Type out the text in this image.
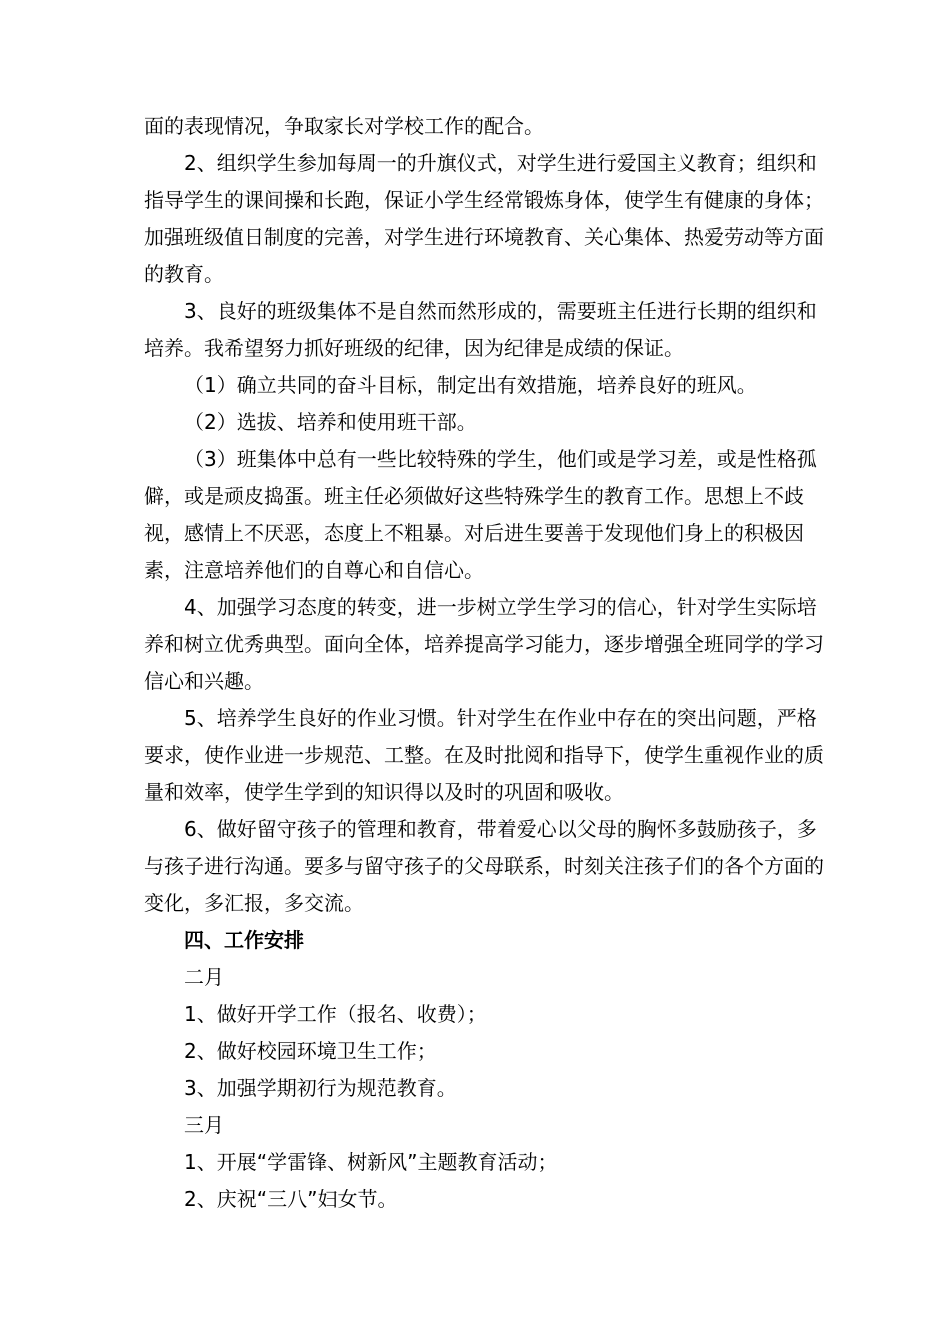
面的表现情况，争取家长对学校工作的配合。

2、组织学生参加每周一的升旗仪式，对学生进行爱国主义教育；组织和指导学生的课间操和长跑，保证小学生经常锻炼身体，使学生有健康的身体；加强班级值日制度的完善，对学生进行环境教育、关心集体、热爱劳动等方面的教育。

3、良好的班级集体不是自然而然形成的，需要班主任进行长期的组织和培养。我希望努力抓好班级的纪律，因为纪律是成绩的保证。

（1）确立共同的奋斗目标，制定出有效措施，培养良好的班风。

（2）选拔、培养和使用班干部。

（3）班集体中总有一些比较特殊的学生，他们或是学习差，或是性格孤僻，或是顽皮捣蛋。班主任必须做好这些特殊学生的教育工作。思想上不歧视，感情上不厌恶，态度上不粗暴。对后进生要善于发现他们身上的积极因素，注意培养他们的自尊心和自信心。

4、加强学习态度的转变，进一步树立学生学习的信心，针对学生实际培养和树立优秀典型。面向全体，培养提高学习能力，逐步增强全班同学的学习信心和兴趣。

5、培养学生良好的作业习惯。针对学生在作业中存在的突出问题，严格要求，使作业进一步规范、工整。在及时批阅和指导下，使学生重视作业的质量和效率，使学生学到的知识得以及时的巩固和吸收。

6、做好留守孩子的管理和教育，带着爱心以父母的胸怀多鼓励孩子，多与孩子进行沟通。要多与留守孩子的父母联系，时刻关注孩子们的各个方面的变化，多汇报，多交流。

四、工作安排

二月

1、做好开学工作（报名、收费）；

2、做好校园环境卫生工作；

3、加强学期初行为规范教育。

三月

1、开展“学雷锋、树新风”主题教育活动；

2、庆祝“三八”妇女节。
